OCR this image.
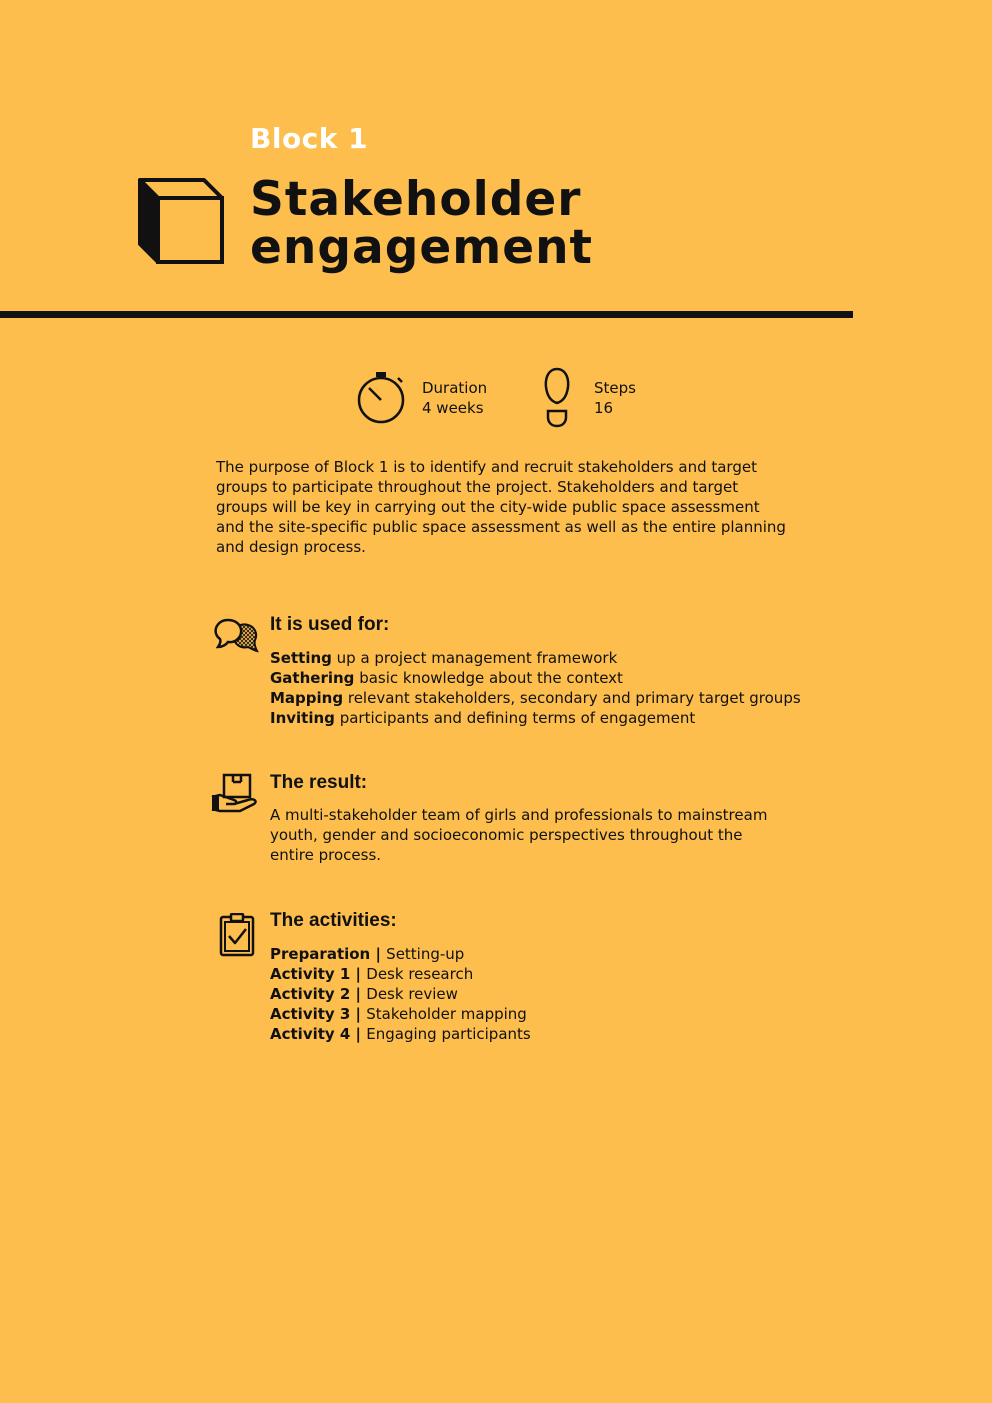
Block 1
Stakeholder
engagement
Duration
4 weeks
Steps
16

The purpose of Block 1 is to identify and recruit stakeholders and target groups to participate throughout the project. Stakeholders and target groups will be key in carrying out the city-wide public space assessment and the site-specific public space assessment as well as the entire planning and design process.

It is used for:
Setting up a project management framework
Gathering basic knowledge about the context
Mapping relevant stakeholders, secondary and primary target groups
Inviting participants and defining terms of engagement
The result:

A multi-stakeholder team of girls and professionals to mainstream youth, gender and socioeconomic perspectives throughout the entire process.

The activities:
Preparation | Setting-up
Activity 1 | Desk research
Activity 2 | Desk review
Activity 3 | Stakeholder mapping
Activity 4 | Engaging participants
